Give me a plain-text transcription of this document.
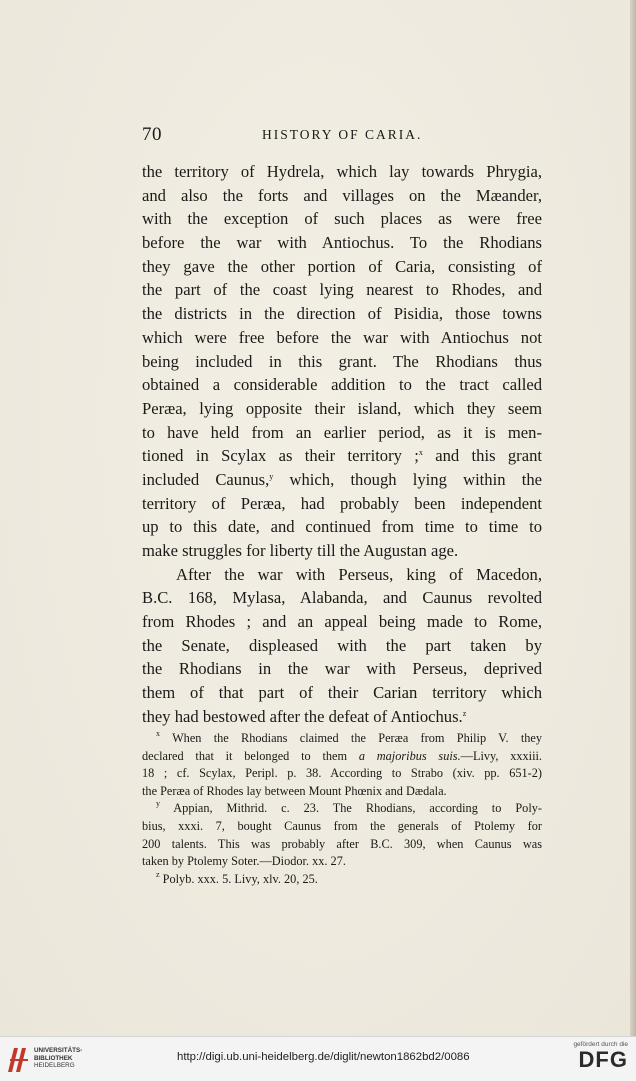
70	HISTORY OF CARIA.
the territory of Hydrela, which lay towards Phrygia,
and also the forts and villages on the Mæander,
with the exception of such places as were free
before the war with Antiochus. To the Rhodians
they gave the other portion of Caria, consisting of
the part of the coast lying nearest to Rhodes, and
the districts in the direction of Pisidia, those towns
which were free before the war with Antiochus not
being included in this grant. The Rhodians thus
obtained a considerable addition to the tract called
Peræa, lying opposite their island, which they seem
to have held from an earlier period, as it is men-
tioned in Scylax as their territory ;$^x$ and this grant
included Caunus,$^y$ which, though lying within the
territory of Peræa, had probably been independent
up to this date, and continued from time to time to
make struggles for liberty till the Augustan age.
After the war with Perseus, king of Macedon,
B.C. 168, Mylasa, Alabanda, and Caunus revolted
from Rhodes ; and an appeal being made to Rome,
the Senate, displeased with the part taken by
the Rhodians in the war with Perseus, deprived
them of that part of their Carian territory which
they had bestowed after the defeat of Antiochus.$^z$
$^x$ When the Rhodians claimed the Peræa from Philip V. they
declared that it belonged to them a majoribus suis.—Livy, xxxiii.
18 ; cf. Scylax, Peripl. p. 38. According to Strabo (xiv. pp. 651-2)
the Peræa of Rhodes lay between Mount Phœnix and Dædala.
$^y$ Appian, Mithrid. c. 23. The Rhodians, according to Poly-
bius, xxxi. 7, bought Caunus from the generals of Ptolemy for
200 talents. This was probably after B.C. 309, when Caunus was
taken by Ptolemy Soter.—Diodor. xx. 27.
$^z$ Polyb. xxx. 5. Livy, xlv. 20, 25.
UNIVERSITÄTS-
BIBLIOTHEK
HEIDELBERG
http://digi.ub.uni-heidelberg.de/diglit/newton1862bd2/0086
gefördert durch die
DFG
